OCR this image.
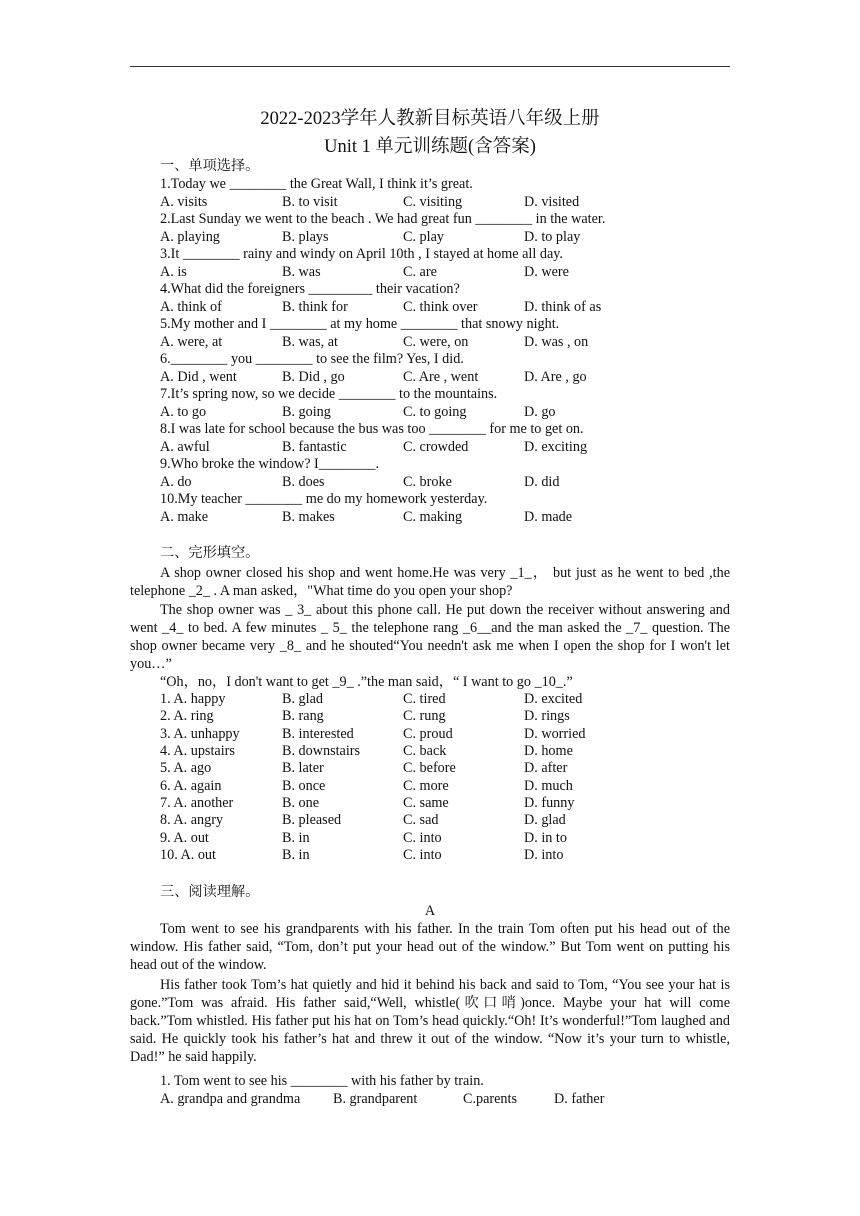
2022-2023学年人教新目标英语八年级上册
Unit 1 单元训练题(含答案)
一、单项选择。
1.Today we ________ the Great Wall, I think it’s great.
A. visits	B. to visit	C. visiting	D. visited
2.Last Sunday we went to the beach . We had great fun ________ in the water.
A. playing	B. plays	C. play	D. to play
3.It ________ rainy and windy on April 10th , I stayed at home all day.
A. is	B. was	C. are	D. were
4.What did the foreigners _________ their vacation?
A. think of	B. think for	C. think over	D. think of as
5.My mother and I ________ at my home ________ that snowy night.
A. were, at	B. was, at	C. were, on	D. was , on
6.________ you ________ to see the film? Yes, I did.
A. Did , went	B. Did , go	C. Are , went	D. Are , go
7.It’s spring now, so we decide ________ to the mountains.
A. to go	B. going	C. to going	D. go
8.I was late for school because the bus was too ________ for me to get on.
A. awful	B. fantastic	C. crowded	D. exciting
9.Who broke the window? I________.
A. do	B. does	C. broke	D. did
10.My teacher ________ me do my homework yesterday.
A. make	B. makes	C. making	D. made
二、完形填空。
A shop owner closed his shop and went home.He was very _1_， but just as he went to bed ,the telephone _2_ . A man asked，"What time do you open your shop?
The shop owner was _ 3_ about this phone call. He put down the receiver without answering and went _4_ to bed. A few minutes _ 5_ the telephone rang _6__and the man asked the _7_ question. The shop owner became very _8_ and he shouted“You needn't ask me when I open the shop for I won't let you…”
“Oh，no，I don't want to get _9_ .”the man said，“ I want to go _10_.”
1. A. happy	B. glad	C. tired	D. excited
2. A. ring	B. rang	C. rung	D. rings
3. A. unhappy	B. interested	C. proud	D. worried
4. A. upstairs	B. downstairs	C. back	D. home
5. A. ago	B. later	C. before	D. after
6. A. again	B. once	C. more	D. much
7. A. another	B. one	C. same	D. funny
8. A. angry	B. pleased	C. sad	D. glad
9. A. out	B. in	C. into	D. in to
10. A. out	B. in	C. into	D. into
三、阅读理解。
A
Tom went to see his grandparents with his father. In the train Tom often put his head out of the window. His father said, “Tom, don’t put your head out of the window.” But Tom went on putting his head out of the window.
His father took Tom’s hat quietly and hid it behind his back and said to Tom, “You see your hat is gone.”Tom was afraid. His father said,“Well, whistle(吹口哨)once. Maybe your hat will come back.”Tom whistled. His father put his hat on Tom’s head quickly.“Oh! It’s wonderful!”Tom laughed and said. He quickly took his father’s hat and threw it out of the window. “Now it’s your turn to whistle, Dad!” he said happily.
1. Tom went to see his ________ with his father by train.
A. grandpa and grandma B. grandparent	C.parents	D. father
